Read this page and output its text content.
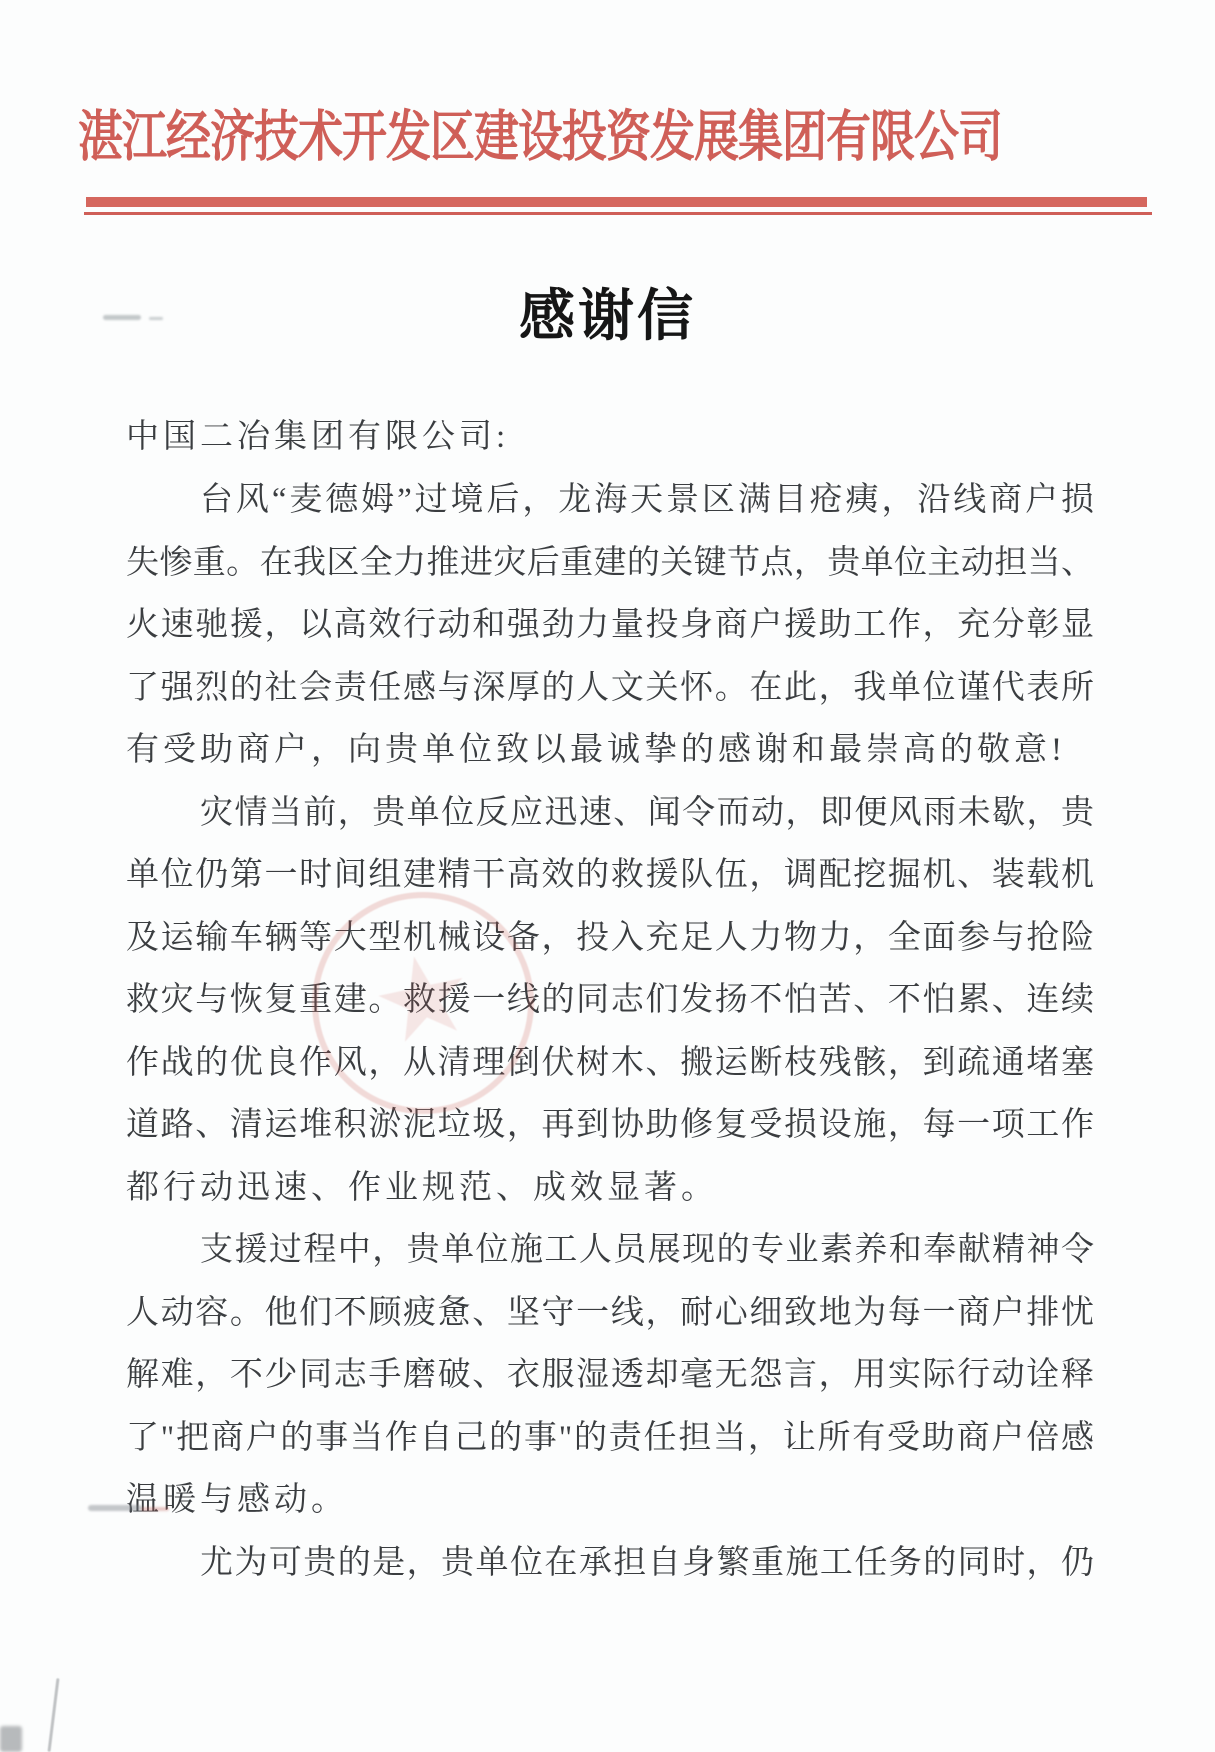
湛江经济技术开发区建设投资发展集团有限公司
感谢信
中国二冶集团有限公司:
台风“麦德姆”过境后，龙海天景区满目疮痍，沿线商户损
失惨重。在我区全力推进灾后重建的关键节点，贵单位主动担当、
火速驰援，以高效行动和强劲力量投身商户援助工作，充分彰显
了强烈的社会责任感与深厚的人文关怀。在此，我单位谨代表所
有受助商户，向贵单位致以最诚挚的感谢和最崇高的敬意!
灾情当前，贵单位反应迅速、闻令而动，即便风雨未歇，贵
单位仍第一时间组建精干高效的救援队伍，调配挖掘机、装载机
及运输车辆等大型机械设备，投入充足人力物力，全面参与抢险
救灾与恢复重建。救援一线的同志们发扬不怕苦、不怕累、连续
作战的优良作风，从清理倒伏树木、搬运断枝残骸，到疏通堵塞
道路、清运堆积淤泥垃圾，再到协助修复受损设施，每一项工作
都行动迅速、作业规范、成效显著。
支援过程中，贵单位施工人员展现的专业素养和奉献精神令
人动容。他们不顾疲惫、坚守一线，耐心细致地为每一商户排忧
解难，不少同志手磨破、衣服湿透却毫无怨言，用实际行动诠释
了"把商户的事当作自己的事"的责任担当，让所有受助商户倍感
温暖与感动。
尤为可贵的是，贵单位在承担自身繁重施工任务的同时，仍
★
